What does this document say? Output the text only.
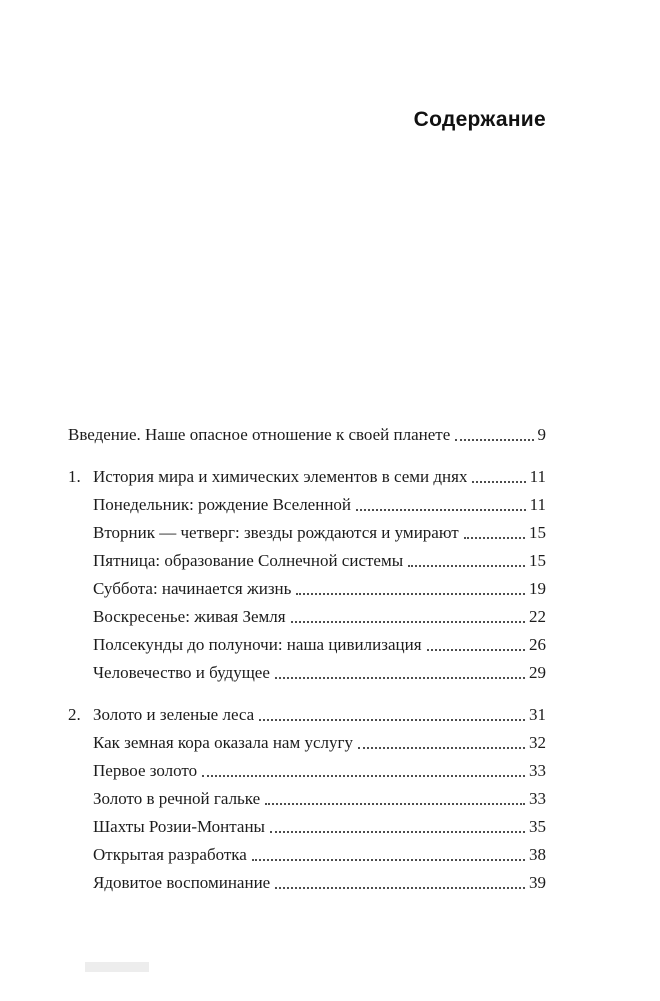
Содержание
Введение. Наше опасное отношение к своей планете	9
1. История мира и химических элементов в семи днях	11
Понедельник: рождение Вселенной	11
Вторник — четверг: звезды рождаются и умирают	15
Пятница: образование Солнечной системы	15
Суббота: начинается жизнь	19
Воскресенье: живая Земля	22
Полсекунды до полуночи: наша цивилизация	26
Человечество и будущее	29
2. Золото и зеленые леса	31
Как земная кора оказала нам услугу	32
Первое золото	33
Золото в речной гальке	33
Шахты Розии-Монтаны	35
Открытая разработка	38
Ядовитое воспоминание	39
